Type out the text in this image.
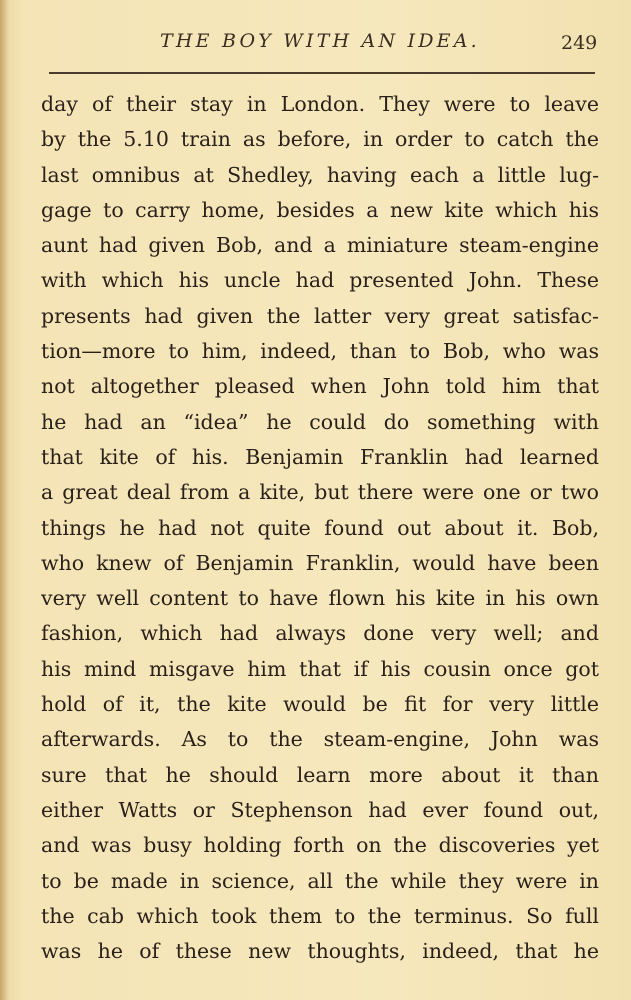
THE BOY WITH AN IDEA.	249
day of their stay in London. They were to leave
by the 5.10 train as before, in order to catch the
last omnibus at Shedley, having each a little lug-
gage to carry home, besides a new kite which his
aunt had given Bob, and a miniature steam-engine
with which his uncle had presented John. These
presents had given the latter very great satisfac-
tion—more to him, indeed, than to Bob, who was
not altogether pleased when John told him that
he had an “idea” he could do something with
that kite of his. Benjamin Franklin had learned
a great deal from a kite, but there were one or two
things he had not quite found out about it. Bob,
who knew of Benjamin Franklin, would have been
very well content to have flown his kite in his own
fashion, which had always done very well; and
his mind misgave him that if his cousin once got
hold of it, the kite would be fit for very little
afterwards. As to the steam-engine, John was
sure that he should learn more about it than
either Watts or Stephenson had ever found out,
and was busy holding forth on the discoveries yet
to be made in science, all the while they were in
the cab which took them to the terminus. So full
was he of these new thoughts, indeed, that he
